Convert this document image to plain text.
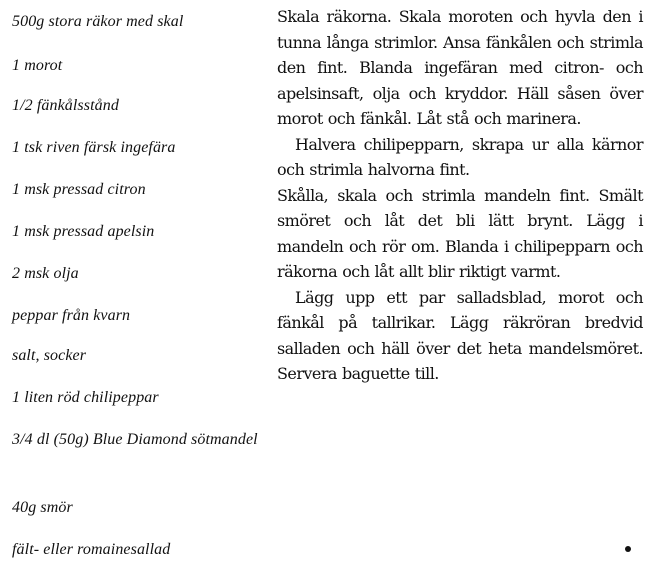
500g stora räkor med skal
1 morot
1/2 fänkålsstånd
1 tsk riven färsk ingefära
1 msk pressad citron
1 msk pressad apelsin
2 msk olja
peppar från kvarn
salt, socker
1 liten röd chilipeppar
3/4 dl (50g) Blue Diamond sötmandel
40g smör
fält- eller romainesallad

Skala räkorna. Skala moroten och hyvla den i tunna långa strimlor. Ansa fänkålen och strimla den fint. Blanda ingefäran med citron- och apelsinsaft, olja och kryddor. Häll såsen över morot och fänkål. Låt stå och marinera.

Halvera chilipepparn, skrapa ur alla kärnor och strimla halvorna fint.

Skålla, skala och strimla mandeln fint. Smält smöret och låt det bli lätt brynt. Lägg i mandeln och rör om. Blanda i chilipepparn och räkorna och låt allt blir riktigt varmt.

Lägg upp ett par salladsblad, morot och fänkål på tallrikar. Lägg räkröran bredvid salladen och häll över det heta mandelsmöret. Servera baguette till.
